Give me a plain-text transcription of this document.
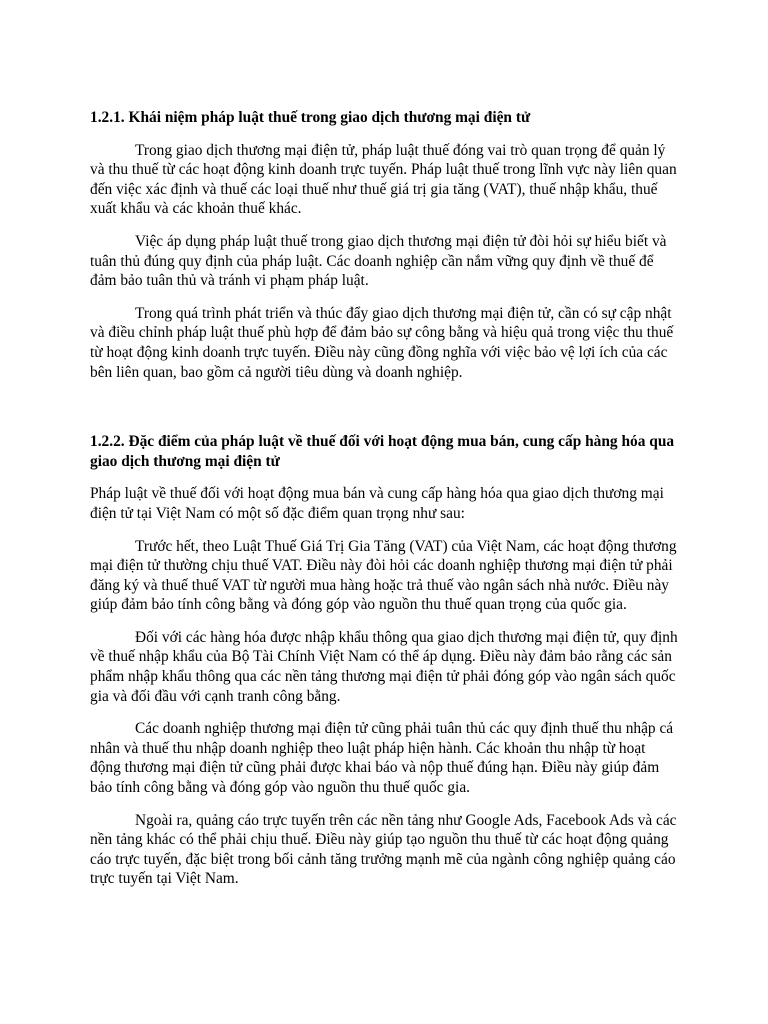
1.2.1. Khái niệm pháp luật thuế trong giao dịch thương mại điện tử

Trong giao dịch thương mại điện tử, pháp luật thuế đóng vai trò quan trọng để quản lý và thu thuế từ các hoạt động kinh doanh trực tuyến. Pháp luật thuế trong lĩnh vực này liên quan đến việc xác định và thuế các loại thuế như thuế giá trị gia tăng (VAT), thuế nhập khẩu, thuế xuất khẩu và các khoản thuế khác.

Việc áp dụng pháp luật thuế trong giao dịch thương mại điện tử đòi hỏi sự hiểu biết và tuân thủ đúng quy định của pháp luật. Các doanh nghiệp cần nắm vững quy định về thuế để đảm bảo tuân thủ và tránh vi phạm pháp luật.

Trong quá trình phát triển và thúc đẩy giao dịch thương mại điện tử, cần có sự cập nhật và điều chỉnh pháp luật thuế phù hợp để đảm bảo sự công bằng và hiệu quả trong việc thu thuế từ hoạt động kinh doanh trực tuyến. Điều này cũng đồng nghĩa với việc bảo vệ lợi ích của các bên liên quan, bao gồm cả người tiêu dùng và doanh nghiệp.

1.2.2. Đặc điểm của pháp luật về thuế đối với hoạt động mua bán, cung cấp hàng hóa qua giao dịch thương mại điện tử

Pháp luật về thuế đối với hoạt động mua bán và cung cấp hàng hóa qua giao dịch thương mại điện tử tại Việt Nam có một số đặc điểm quan trọng như sau:

Trước hết, theo Luật Thuế Giá Trị Gia Tăng (VAT) của Việt Nam, các hoạt động thương mại điện tử thường chịu thuế VAT. Điều này đòi hỏi các doanh nghiệp thương mại điện tử phải đăng ký và thuế thuế VAT từ người mua hàng hoặc trả thuế vào ngân sách nhà nước. Điều này giúp đảm bảo tính công bằng và đóng góp vào nguồn thu thuế quan trọng của quốc gia.

Đối với các hàng hóa được nhập khẩu thông qua giao dịch thương mại điện tử, quy định về thuế nhập khẩu của Bộ Tài Chính Việt Nam có thể áp dụng. Điều này đảm bảo rằng các sản phẩm nhập khẩu thông qua các nền tảng thương mại điện tử phải đóng góp vào ngân sách quốc gia và đối đầu với cạnh tranh công bằng.

Các doanh nghiệp thương mại điện tử cũng phải tuân thủ các quy định thuế thu nhập cá nhân và thuế thu nhập doanh nghiệp theo luật pháp hiện hành. Các khoản thu nhập từ hoạt động thương mại điện tử cũng phải được khai báo và nộp thuế đúng hạn. Điều này giúp đảm bảo tính công bằng và đóng góp vào nguồn thu thuế quốc gia.

Ngoài ra, quảng cáo trực tuyến trên các nền tảng như Google Ads, Facebook Ads và các nền tảng khác có thể phải chịu thuế. Điều này giúp tạo nguồn thu thuế từ các hoạt động quảng cáo trực tuyến, đặc biệt trong bối cảnh tăng trưởng mạnh mẽ của ngành công nghiệp quảng cáo trực tuyến tại Việt Nam.
